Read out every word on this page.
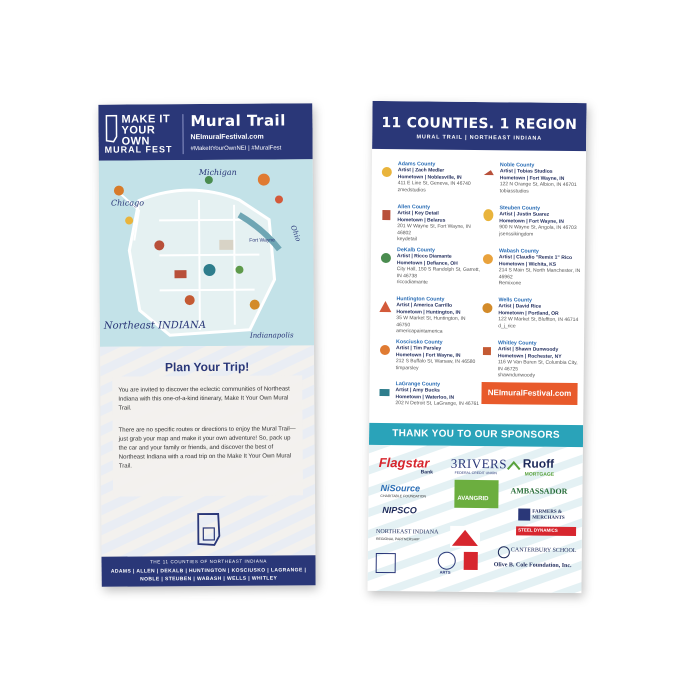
MAKE IT
YOUR OWN
MURAL FEST
Mural Trail
NEImuralFestival.com
#MakeItYourOwnNEI | #MuralFest
Michigan
Chicago
Ohio
Fort Wayne
Northeast INDIANA
Indianapolis
Plan Your Trip!

You are invited to discover the eclectic communities of Northeast Indiana with this one-of-a-kind itinerary, Make It Your Own Mural Trail.

There are no specific routes or directions to enjoy the Mural Trail—just grab your map and make it your own adventure! So, pack up the car and your family or friends, and discover the best of Northeast Indiana with a road trip on the Make It Your Own Mural Trail.

THE 11 COUNTIES OF NORTHEAST INDIANA
ADAMS | ALLEN | DEKALB | HUNTINGTON | KOSCIUSKO | LAGRANGE | NOBLE | STEUBEN | WABASH | WELLS | WHITLEY
11 COUNTIES. 1 REGION
MURAL TRAIL | NORTHEAST INDIANA
Adams County
Artist | Zach Medler
Hometown | Noblesville, IN
411 E Line St, Geneva, IN 46740
zmedstudios
Allen County
Artist | Key Detail
Hometown | Belarus
201 W Wayne St, Fort Wayne, IN 46802
keydetail
DeKalb County
Artist | Ricco Diamante
Hometown | Defiance, OH
City Hall, 150 S Randolph St, Garrett, IN 46738
riccodiamante
Huntington County
Artist | America Carrillo
Hometown | Huntington, IN
35 W Market St, Huntington, IN 46750
americapaintamerica
Kosciusko County
Artist | Tim Parsley
Hometown | Fort Wayne, IN
212 S Buffalo St, Warsaw, IN 46580
timparsley
LaGrange County
Artist | Amy Bucks
Hometown | Waterloo, IN
202 N Detroit St, LaGrange, IN 46761
Noble County
Artist | Tobias Studios
Hometown | Fort Wayne, IN
122 N Orange St, Albion, IN 46701
tobiasstudios
Steuben County
Artist | Justin Suarez
Hometown | Fort Wayne, IN
900 N Wayne St, Angola, IN 46703
jsenssikingdom
Wabash County
Artist | Claudio "Remix 1" Rico
Hometown | Wichita, KS
214 S Main St, North Manchester, IN 46962
Remixone
Wells County
Artist | David Rice
Hometown | Portland, OR
122 W Market St, Bluffton, IN 46714
d_j_rice
Whitley County
Artist | Shawn Dunwoody
Hometown | Rochester, NY
116 W Van Buren St, Columbia City, IN 46725
shawndunwoody
NEImuralFestival.com
THANK YOU TO OUR SPONSORS
Flagstar
Bank
3RIVERS
FEDERAL CREDIT UNION
Ruoff
MORTGAGE
NiSource
CHARITABLE FOUNDATION	AVANGRID
AMBASSADOR
NIPSCO	FARMERS & MERCHANTS
NORTHEAST INDIANA
REGIONAL PARTNERSHIP
STEEL DYNAMICS
ARTS
CANTERBURY SCHOOL
Olive B. Cole Foundation, Inc.
